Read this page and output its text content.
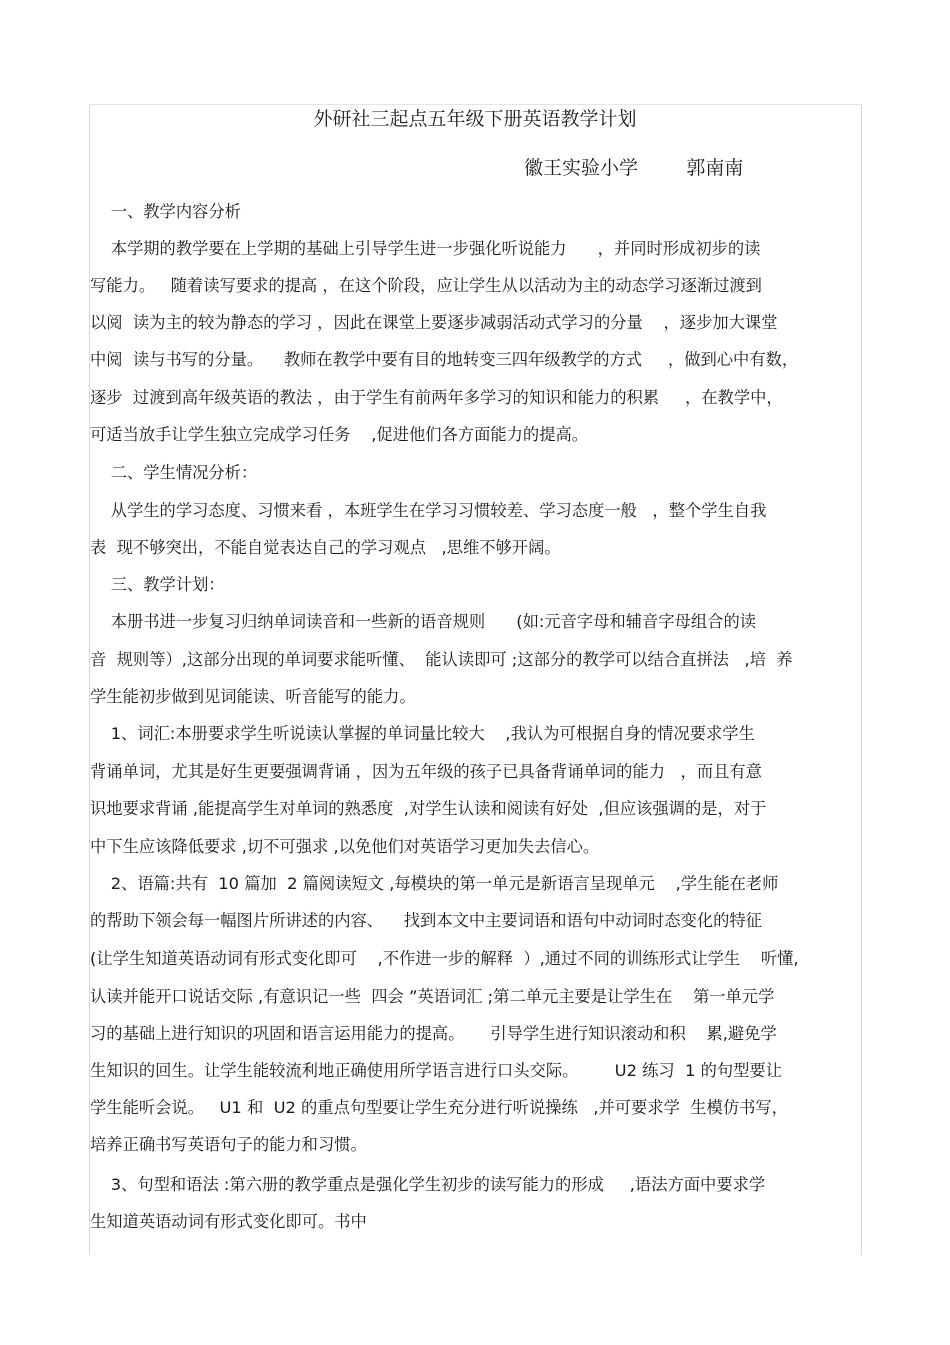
外研社三起点五年级下册英语教学计划
徽王实验小学        郭南南
一、教学内容分析
本学期的教学要在上学期的基础上引导学生进一步强化听说能力      ，并同时形成初步的读
写能力。   随着读写要求的提高 ，在这个阶段，应让学生从以活动为主的动态学习逐渐过渡到
以阅  读为主的较为静态的学习 ，因此在课堂上要逐步减弱活动式学习的分量    ，逐步加大课堂
中阅  读与书写的分量。    教师在教学中要有目的地转变三四年级教学的方式     ，做到心中有数，
逐步  过渡到高年级英语的教法 ，由于学生有前两年多学习的知识和能力的积累     ，在教学中，
可适当放手让学生独立完成学习任务    ,促进他们各方面能力的提高。
二、学生情况分析：
从学生的学习态度、习惯来看 ，本班学生在学习习惯较差、学习态度一般   ，整个学生自我
表  现不够突出，不能自觉表达自己的学习观点   ,思维不够开阔。
三、教学计划：
本册书进一步复习归纳单词读音和一些新的语音规则      (如:元音字母和辅音字母组合的读
音  规则等）,这部分出现的单词要求能听懂、  能认读即可 ;这部分的教学可以结合直拼法   ,培  养
学生能初步做到见词能读、听音能写的能力。
1、词汇:本册要求学生听说读认掌握的单词量比较大    ,我认为可根据自身的情况要求学生
背诵单词，尤其是好生更要强调背诵 ，因为五年级的孩子已具备背诵单词的能力   ，而且有意
识地要求背诵 ,能提高学生对单词的熟悉度  ,对学生认读和阅读有好处  ,但应该强调的是，对于
中下生应该降低要求 ,切不可强求 ,以免他们对英语学习更加失去信心。
2、语篇:共有  10 篇加  2 篇阅读短文 ,每模块的第一单元是新语言呈现单元    ,学生能在老师
的帮助下领会每一幅图片所讲述的内容、    找到本文中主要词语和语句中动词时态变化的特征
(让学生知道英语动词有形式变化即可    ,不作进一步的解释  ）,通过不同的训练形式让学生    听懂,
认读并能开口说话交际 ,有意识记一些  四会 ”英语词汇 ;第二单元主要是让学生在    第一单元学
习的基础上进行知识的巩固和语言运用能力的提高。     引导学生进行知识滚动和积    累,避免学
生知识的回生。让学生能较流利地正确使用所学语言进行口头交际。       U2 练习  1 的句型要让
学生能听会说。   U1 和  U2 的重点句型要让学生充分进行听说操练   ,并可要求学  生模仿书写，
培养正确书写英语句子的能力和习惯。
3、句型和语法 :第六册的教学重点是强化学生初步的读写能力的形成     ,语法方面中要求学
生知道英语动词有形式变化即可。书中
